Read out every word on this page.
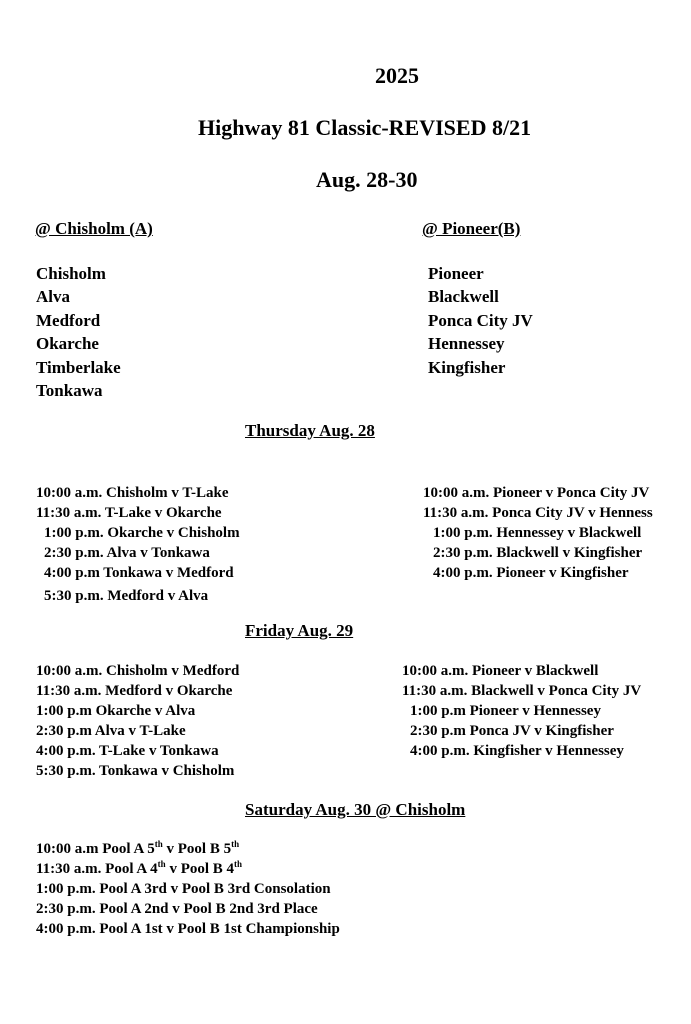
2025
Highway 81 Classic-REVISED 8/21
Aug. 28-30
@ Chisholm (A)	@ Pioneer(B)
Chisholm
Alva
Medford
Okarche
Timberlake
Tonkawa
Pioneer
Blackwell
Ponca City JV
Hennessey
Kingfisher
Thursday Aug. 28
10:00 a.m. Chisholm v T-Lake
11:30 a.m. T-Lake v Okarche
1:00 p.m. Okarche v Chisholm
2:30 p.m. Alva v Tonkawa
4:00 p.m Tonkawa v Medford
5:30 p.m. Medford v Alva
10:00 a.m. Pioneer v Ponca City JV
11:30 a.m. Ponca City JV v Henness
1:00 p.m. Hennessey v Blackwell
2:30 p.m. Blackwell v Kingfisher
4:00 p.m. Pioneer v Kingfisher
Friday Aug. 29
10:00 a.m. Chisholm v Medford
11:30 a.m. Medford v Okarche
1:00 p.m Okarche v Alva
2:30 p.m Alva v T-Lake
4:00 p.m. T-Lake v Tonkawa
5:30 p.m. Tonkawa v Chisholm
10:00 a.m. Pioneer v Blackwell
11:30 a.m. Blackwell v Ponca City JV
1:00 p.m Pioneer v Hennessey
2:30 p.m Ponca JV v Kingfisher
4:00 p.m. Kingfisher v Hennessey
Saturday Aug. 30 @ Chisholm
10:00 a.m Pool A 5th v Pool B 5th
11:30 a.m. Pool A 4th v Pool B 4th
1:00 p.m. Pool A 3rd v Pool B 3rd Consolation
2:30 p.m. Pool A 2nd v Pool B 2nd 3rd Place
4:00 p.m. Pool A 1st v Pool B 1st Championship
